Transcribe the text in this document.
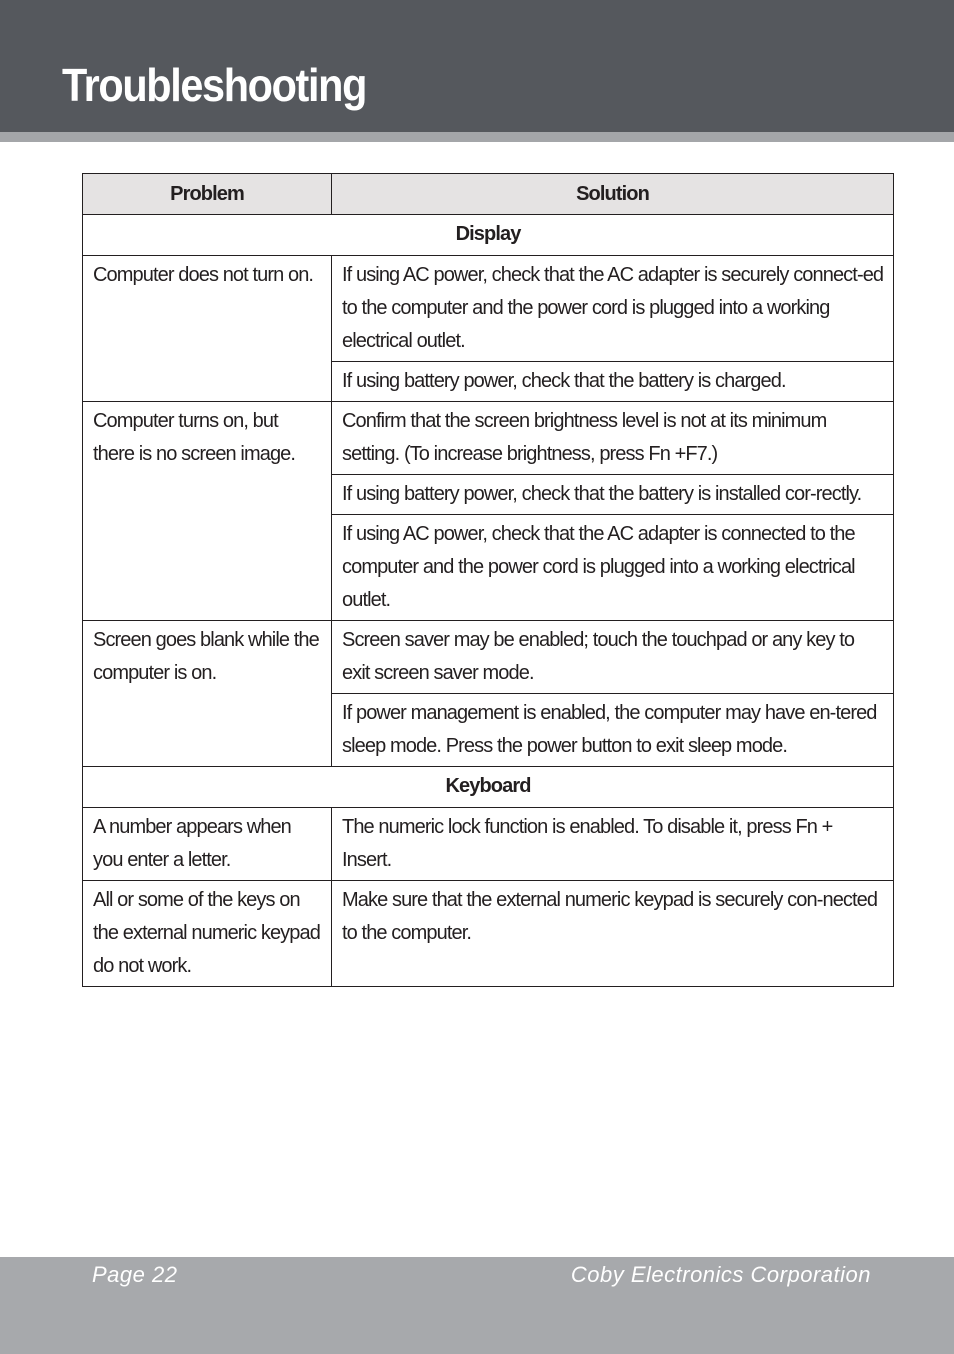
Troubleshooting
Problem	Solution
Display	
Computer does not turn on.	If using AC power, check that the AC adapter is securely connect-ed to the computer and the power cord is plugged into a working electrical outlet.
	If using battery power, check that the battery is charged.
Computer turns on, but there is no screen image.	Confirm that the screen brightness level is not at its minimum setting. (To increase brightness, press Fn +F7.)
	If using battery power, check that the battery is installed cor-rectly.
	If using AC power, check that the AC adapter is connected to the computer and the power cord is plugged into a working electrical outlet.
Screen goes blank while the computer is on.	Screen saver may be enabled; touch the touchpad or any key to exit screen saver mode.
	If power management is enabled, the computer may have en-tered sleep mode. Press the power button to exit sleep mode.
Keyboard	
A number appears when you enter a letter.	The numeric lock function is enabled. To disable it, press Fn + Insert.
All or some of the keys on the external numeric keypad do not work.	Make sure that the external numeric keypad is securely con-nected to the computer.
Page 22	Coby Electronics Corporation
